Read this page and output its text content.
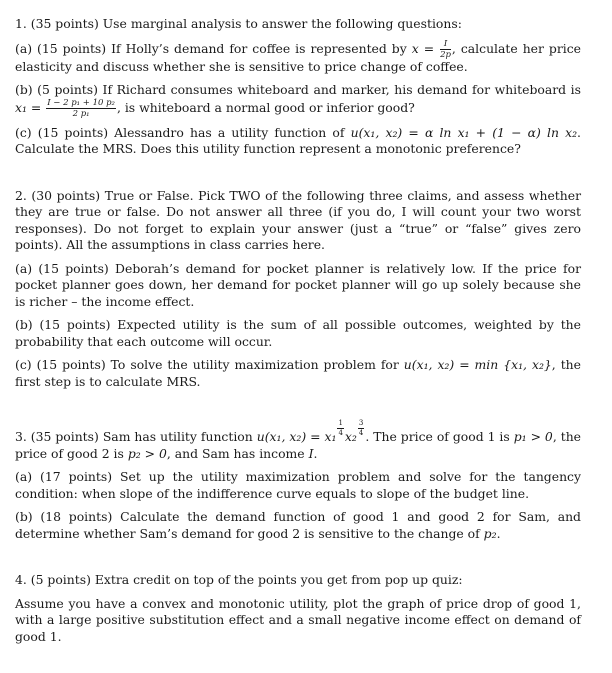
1. (35 points) Use marginal analysis to answer the following questions:

(a) (15 points) If Holly’s demand for coffee is represented by $x = \frac{I}{2p}$ , calculate her price elasticity and discuss whether she is sensitive to price change of coffee.

(b) (5 points) If Richard consumes whiteboard and marker, his demand for whiteboard is $x_1 = \frac{\text{I − 2 p₁ + 10 p₂}}{\text{2 p₁}}$ , is whiteboard a normal good or inferior good?

(c) (15 points) Alessandro has a utility function of u(x₁, x₂) = α ln x₁ + (1 − α) ln x₂. Calculate the MRS. Does this utility function represent a monotonic preference?

2. (30 points) True or False. Pick TWO of the following three claims, and assess whether they are true or false. Do not answer all three (if you do, I will count your two worst responses). Do not forget to explain your answer (just a “true” or “false” gives zero points). All the assumptions in class carries here.

(a) (15 points) Deborah’s demand for pocket planner is relatively low. If the price for pocket planner goes down, her demand for pocket planner will go up solely because she is richer – the income effect.

(b) (15 points) Expected utility is the sum of all possible outcomes, weighted by the probability that each outcome will occur.

(c) (15 points) To solve the utility maximization problem for u(x₁, x₂) = min {x₁, x₂}, the first step is to calculate MRS.

3. (35 points) Sam has utility function u(x₁, $x_2) = x_1 \frac{1}{4} x_2 \frac{3}{4}$ . The price of good 1 is p₁ > 0, the price of good 2 is p₂ > 0, and Sam has income I.

(a) (17 points) Set up the utility maximization problem and solve for the tangency condition: when slope of the indifference curve equals to slope of the budget line.

(b) (18 points) Calculate the demand function of good 1 and good 2 for Sam, and determine whether Sam’s demand for good 2 is sensitive to the change of p₂.

4. (5 points) Extra credit on top of the points you get from pop up quiz:

Assume you have a convex and monotonic utility, plot the graph of price drop of good 1, with a large positive substitution effect and a small negative income effect on demand of good 1.
